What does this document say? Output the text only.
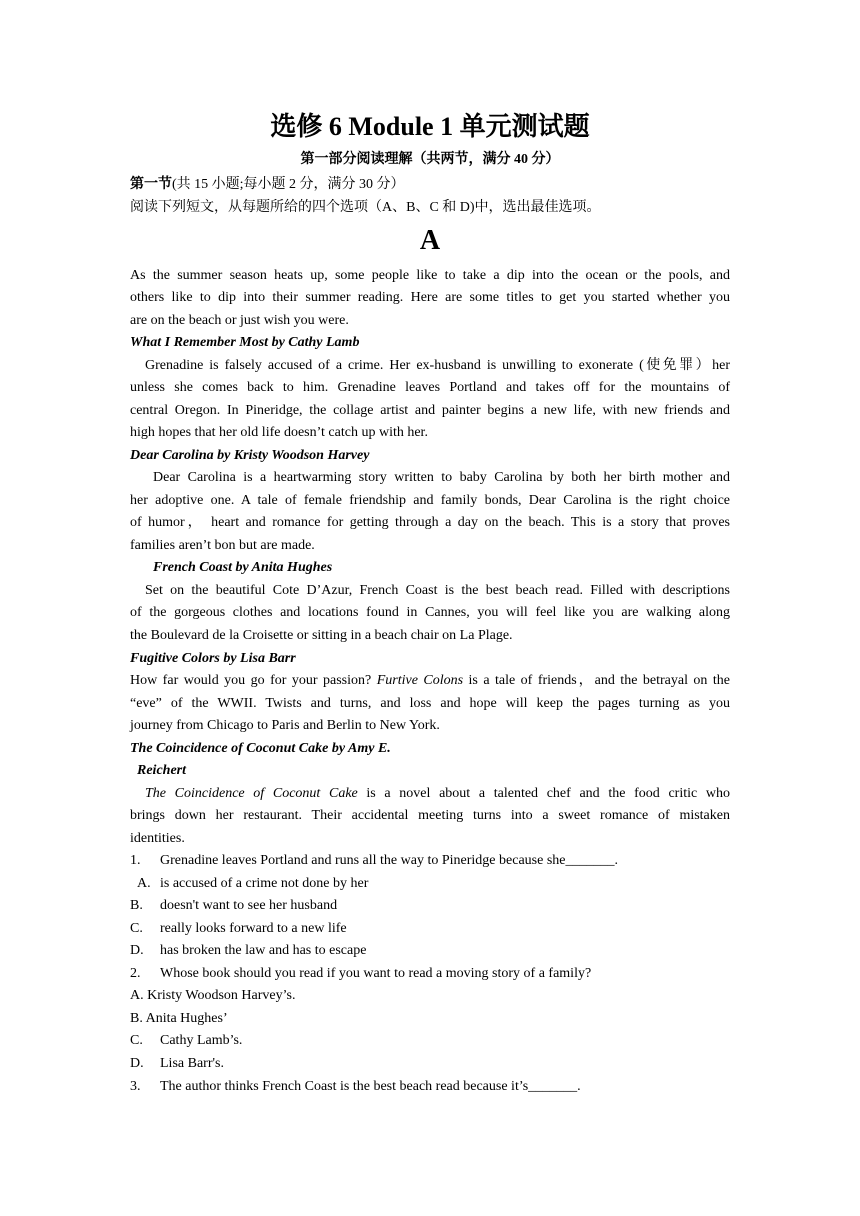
选修 6 Module 1 单元测试题
第一部分阅读理解（共两节，满分 40 分）
第一节(共 15 小题;每小题 2 分，满分 30 分）
阅读下列短文，从每题所给的四个选项（A、B、C 和 D)中，选出最佳选项。
A
As the summer season heats up, some people like to take a dip into the ocean or the pools, and
others like to dip into their summer reading. Here are some titles to get you started whether you
are on the beach or just wish you were.
What I Remember Most by Cathy Lamb
Grenadine is falsely accused of a crime. Her ex-husband is unwilling to exonerate (使免罪）her
unless she comes back to him. Grenadine leaves Portland and takes off for the mountains of
central Oregon. In Pineridge, the collage artist and painter begins a new life, with new friends and
high hopes that her old life doesn’t catch up with her.
Dear Carolina by Kristy Woodson Harvey
Dear Carolina is a heartwarming story written to baby Carolina by both her birth mother and
her adoptive one. A tale of female friendship and family bonds, Dear Carolina is the right choice
of humor， heart and romance for getting through a day on the beach. This is a story that proves
families aren’t bon but are made.
French Coast by Anita Hughes
Set on the beautiful Cote D’Azur, French Coast is the best beach read. Filled with descriptions
of the gorgeous clothes and locations found in Cannes, you will feel like you are walking along
the Boulevard de la Croisette or sitting in a beach chair on La Plage.
Fugitive Colors by Lisa Barr
How far would you go for your passion? Furtive Colons is a tale of friends，and the betrayal on the
“eve” of the WWII. Twists and turns, and loss and hope will keep the pages turning as you
journey from Chicago to Paris and Berlin to New York.
The Coincidence of Coconut Cake by Amy E.
Reichert
The Coincidence of Coconut Cake is a novel about a talented chef and the food critic who
brings down her restaurant. Their accidental meeting turns into a sweet romance of mistaken
identities.
1. Grenadine leaves Portland and runs all the way to Pineridge because she_______.
A. is accused of a crime not done by her
B. doesn't want to see her husband
C. really looks forward to a new life
D. has broken the law and has to escape
2. Whose book should you read if you want to read a moving story of a family?
A. Kristy Woodson Harvey’s.
B. Anita Hughes’
C. Cathy Lamb’s.
D. Lisa Barr's.
3. The author thinks French Coast is the best beach read because it’s_______.
